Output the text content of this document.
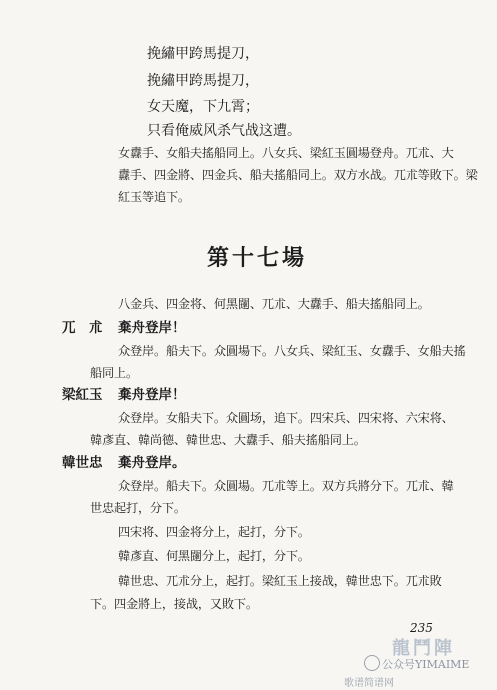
挽繡甲跨馬提刀，
挽繡甲跨馬提刀，
女天魔，下九霄；
只看俺威风杀气战这遭。
女纛手、女船夫搖船同上。八女兵、梁紅玉圓場登舟。兀朮、大
纛手、四金將、四金兵、船夫搖船同上。双方水战。兀朮等敗下。梁
紅玉等追下。
第十七場
八金兵、四金将、何黑闥、兀朮、大纛手、船夫搖船同上。
兀　朮 棄舟登岸！
众登岸。船夫下。众圓場下。八女兵、梁紅玉、女纛手、女船夫搖
船同上。
梁紅玉 棄舟登岸！
众登岸。女船夫下。众圓场，追下。四宋兵、四宋将、六宋将、
韓彥直、韓尚德、韓世忠、大纛手、船夫搖船同上。
韓世忠 棄舟登岸。
众登岸。船夫下。众圓場。兀朮等上。双方兵將分下。兀朮、韓
世忠起打，分下。
四宋将、四金将分上，起打，分下。
韓彥直、何黑闥分上，起打，分下。
韓世忠、兀朮分上，起打。梁紅玉上接战，韓世忠下。兀朮敗
下。四金將上，接战，又敗下。
235
龍鬥陣
公众号YIMAIME
歌谱简谱网
